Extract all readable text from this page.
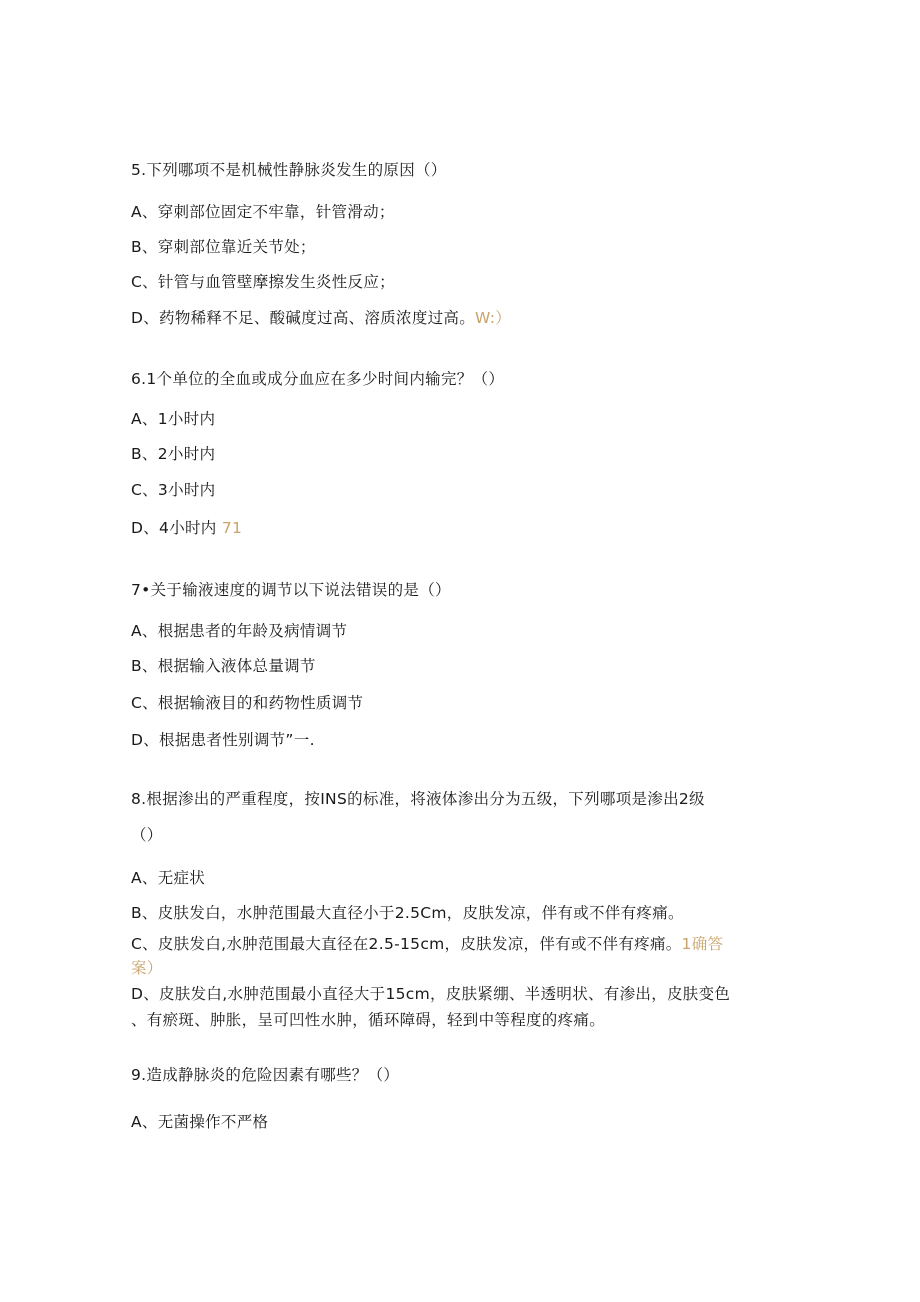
5.下列哪项不是机械性静脉炎发生的原因（）
A、穿刺部位固定不牢靠，针管滑动；
B、穿刺部位靠近关节处；
C、针管与血管壁摩擦发生炎性反应；
D、药物稀释不足、酸碱度过高、溶质浓度过高。W:）
6.1个单位的全血或成分血应在多少时间内输完？（）
A、1小时内
B、2小时内
C、3小时内
D、4小时内 71
7•关于输液速度的调节以下说法错误的是（）
A、根据患者的年龄及病情调节
B、根据输入液体总量调节
C、根据输液目的和药物性质调节
D、根据患者性别调节”一.
8.根据渗出的严重程度，按INS的标准，将液体渗出分为五级，下列哪项是渗出2级
（）
A、无症状
B、皮肤发白，水肿范围最大直径小于2.5Cm，皮肤发凉，伴有或不伴有疼痛。
C、皮肤发白,水肿范围最大直径在2.5-15cm，皮肤发凉，伴有或不伴有疼痛。1确答
案）
D、皮肤发白,水肿范围最小直径大于15cm，皮肤紧绷、半透明状、有渗出，皮肤变色
、有瘀斑、肿胀，呈可凹性水肿，循环障碍，轻到中等程度的疼痛。
9.造成静脉炎的危险因素有哪些？（）
A、无菌操作不严格
